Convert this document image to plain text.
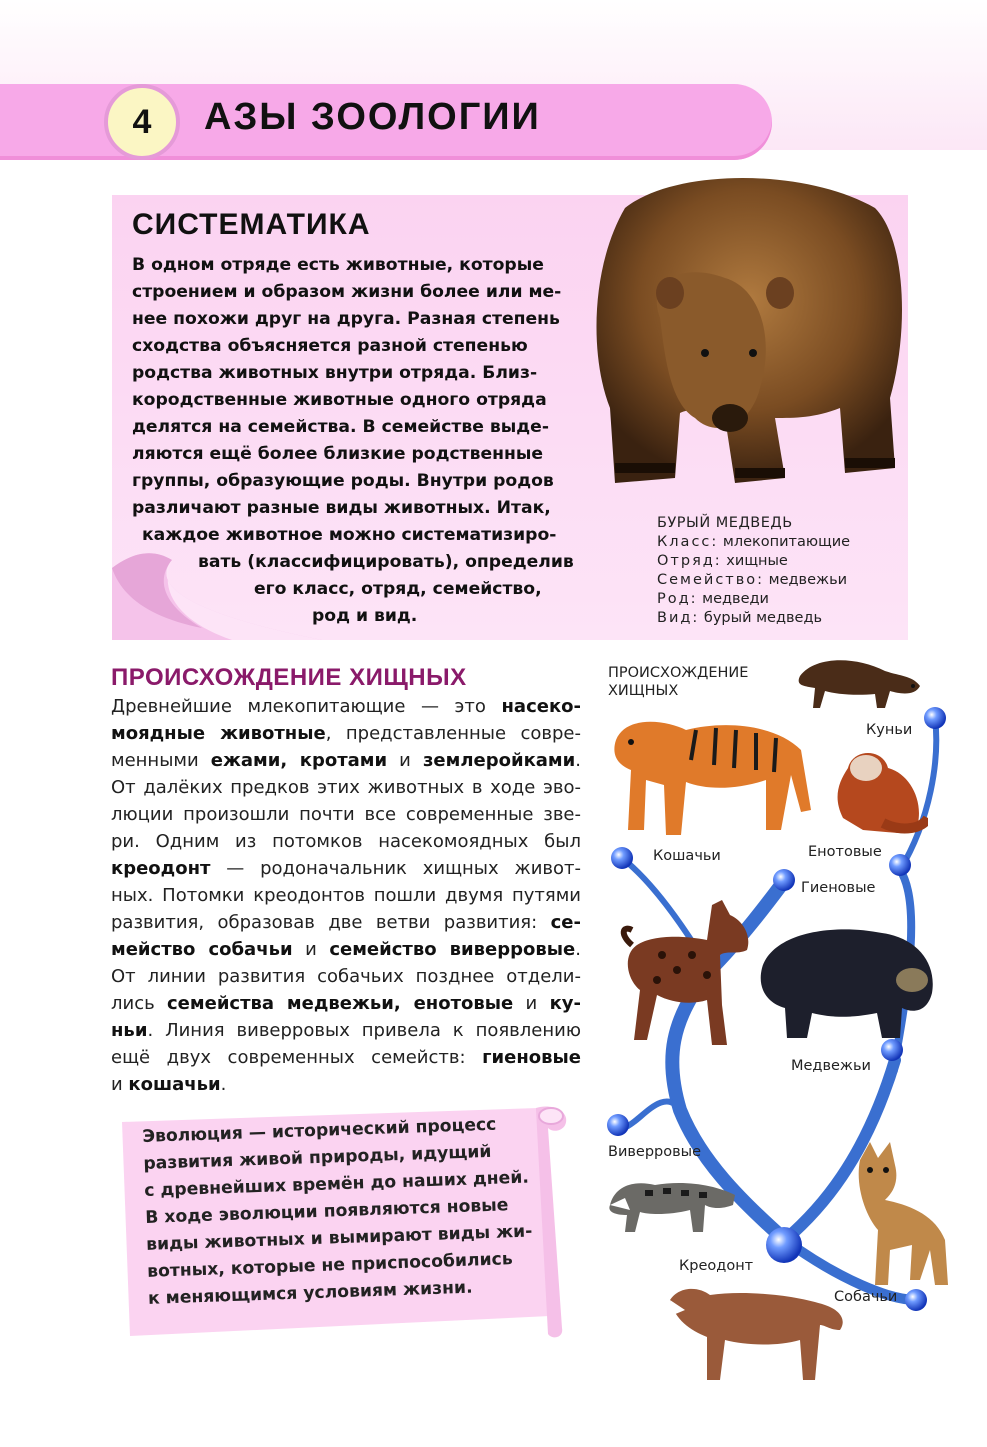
4	АЗЫ ЗООЛОГИИ
СИСТЕМАТИКА
В одном отряде есть животные, которые
строением и образом жизни более или ме-
нее похожи друг на друга. Разная степень
сходства объясняется разной степенью
родства животных внутри отряда. Близ-
кородственные животные одного отряда
делятся на семейства. В семействе выде-
ляются ещё более близкие родственные
группы, образующие роды. Внутри родов
различают разные виды животных. Итак,
каждое животное можно систематизиро-
вать (классифицировать), определив
его класс, отряд, семейство,
род и вид.
БУРЫЙ МЕДВЕДЬ
Класс: млекопитающие
Отряд: хищные
Семейство: медвежьи
Род: медведи
Вид: бурый медведь
ПРОИСХОЖДЕНИЕ ХИЩНЫХ
Древнейшие млекопитающие — это насеко-
моядные животные, представленные совре-
менными ежами, кротами и землеройками.
От далёких предков этих животных в ходе эво-
люции произошли почти все современные зве-
ри. Одним из потомков насекомоядных был
креодонт — родоначальник хищных живот-
ных. Потомки креодонтов пошли двумя путями
развития, образовав две ветви развития: се-
мейство собачьи и семейство виверровые.
От линии развития собачьих позднее отдели-
лись семейства медвежьи, енотовые и ку-
ньи. Линия виверровых привела к появлению
ещё двух современных семейств: гиеновые
и кошачьи.
Эволюция — исторический процесс
развития живой природы, идущий
с древнейших времён до наших дней.
В ходе эволюции появляются новые
виды животных и вымирают виды жи-
вотных, которые не приспособились
к меняющимся условиям жизни.
ПРОИСХОЖДЕНИЕ
ХИЩНЫХ
Куньи
Кошачьи	Енотовые
Гиеновые
Медвежьи
Виверровые
Креодонт
Собачьи
